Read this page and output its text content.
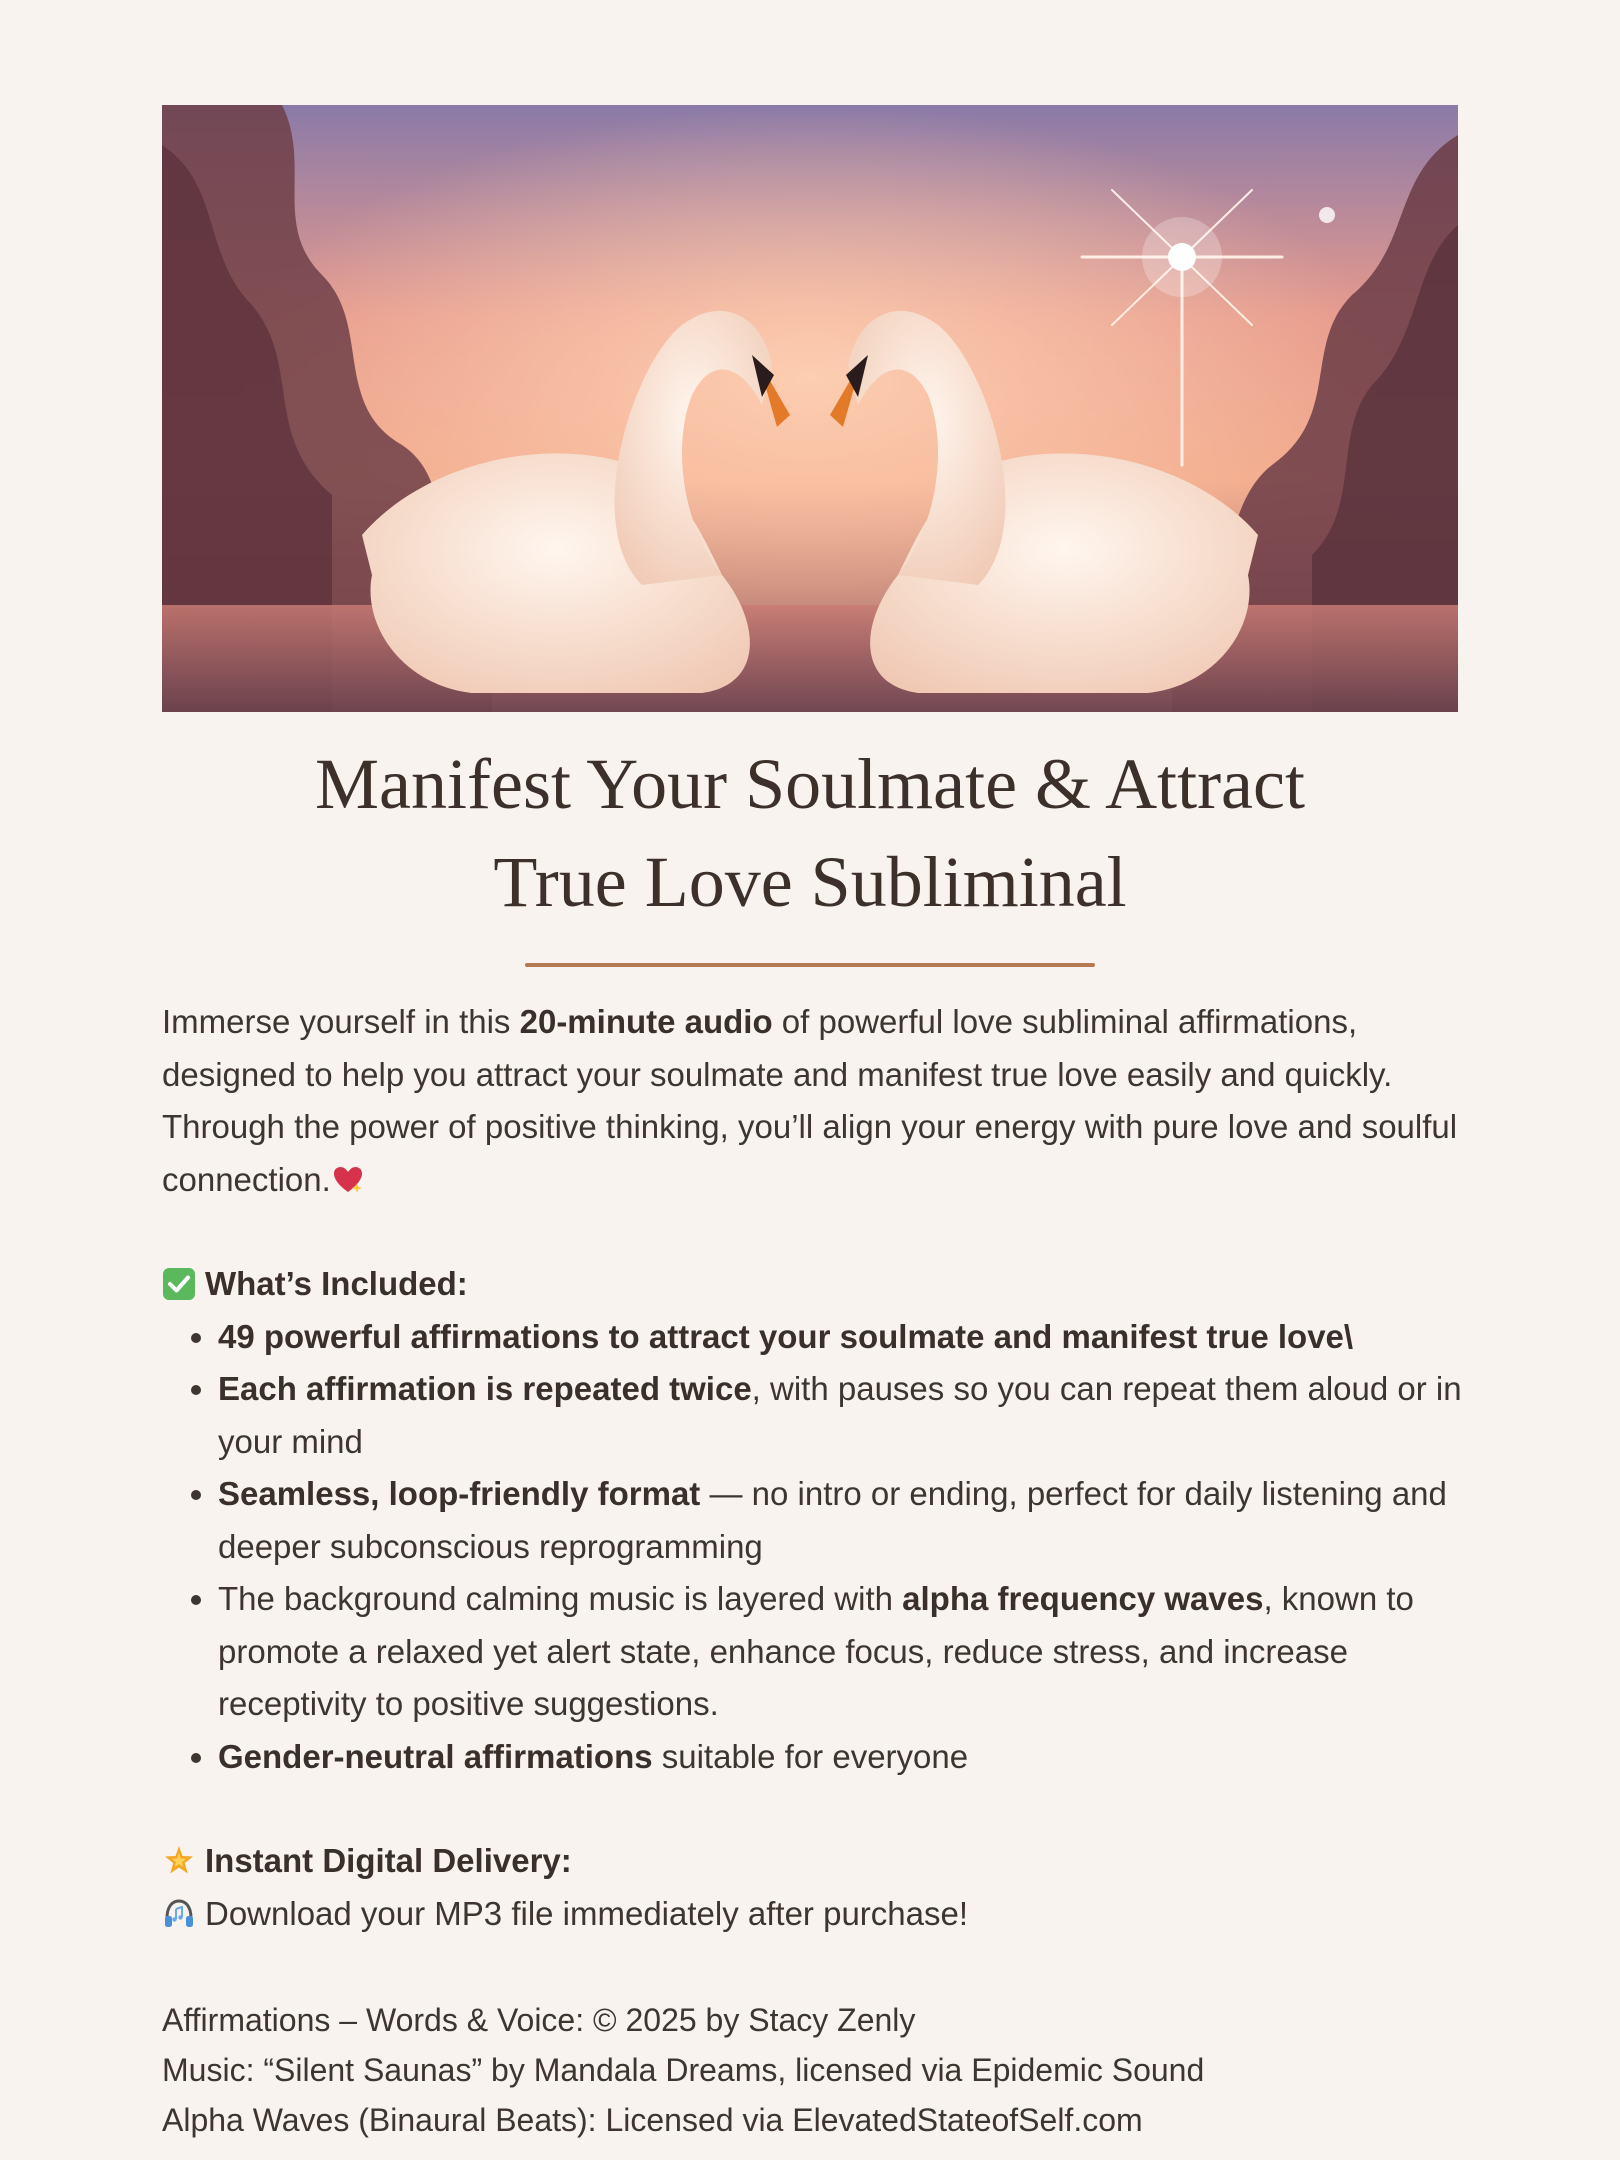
Manifest Your Soulmate & Attract
True Love Subliminal

Immerse yourself in this 20-minute audio of powerful love subliminal affirmations, designed to help you attract your soulmate and manifest true love easily and quickly. Through the power of positive thinking, you’ll align your energy with pure love and soulful connection.

What’s Included:

• 49 powerful affirmations to attract your soulmate and manifest true love\
• Each affirmation is repeated twice, with pauses so you can repeat them aloud or in your mind
• Seamless, loop-friendly format — no intro or ending, perfect for daily listening and deeper subconscious reprogramming
• The background calming music is layered with alpha frequency waves, known to promote a relaxed yet alert state, enhance focus, reduce stress, and increase receptivity to positive suggestions.
• Gender-neutral affirmations suitable for everyone

Instant Digital Delivery:

Download your MP3 file immediately after purchase!

Affirmations – Words & Voice: © 2025 by Stacy Zenly

Music: “Silent Saunas” by Mandala Dreams, licensed via Epidemic Sound

Alpha Waves (Binaural Beats): Licensed via ElevatedStateofSelf.com
